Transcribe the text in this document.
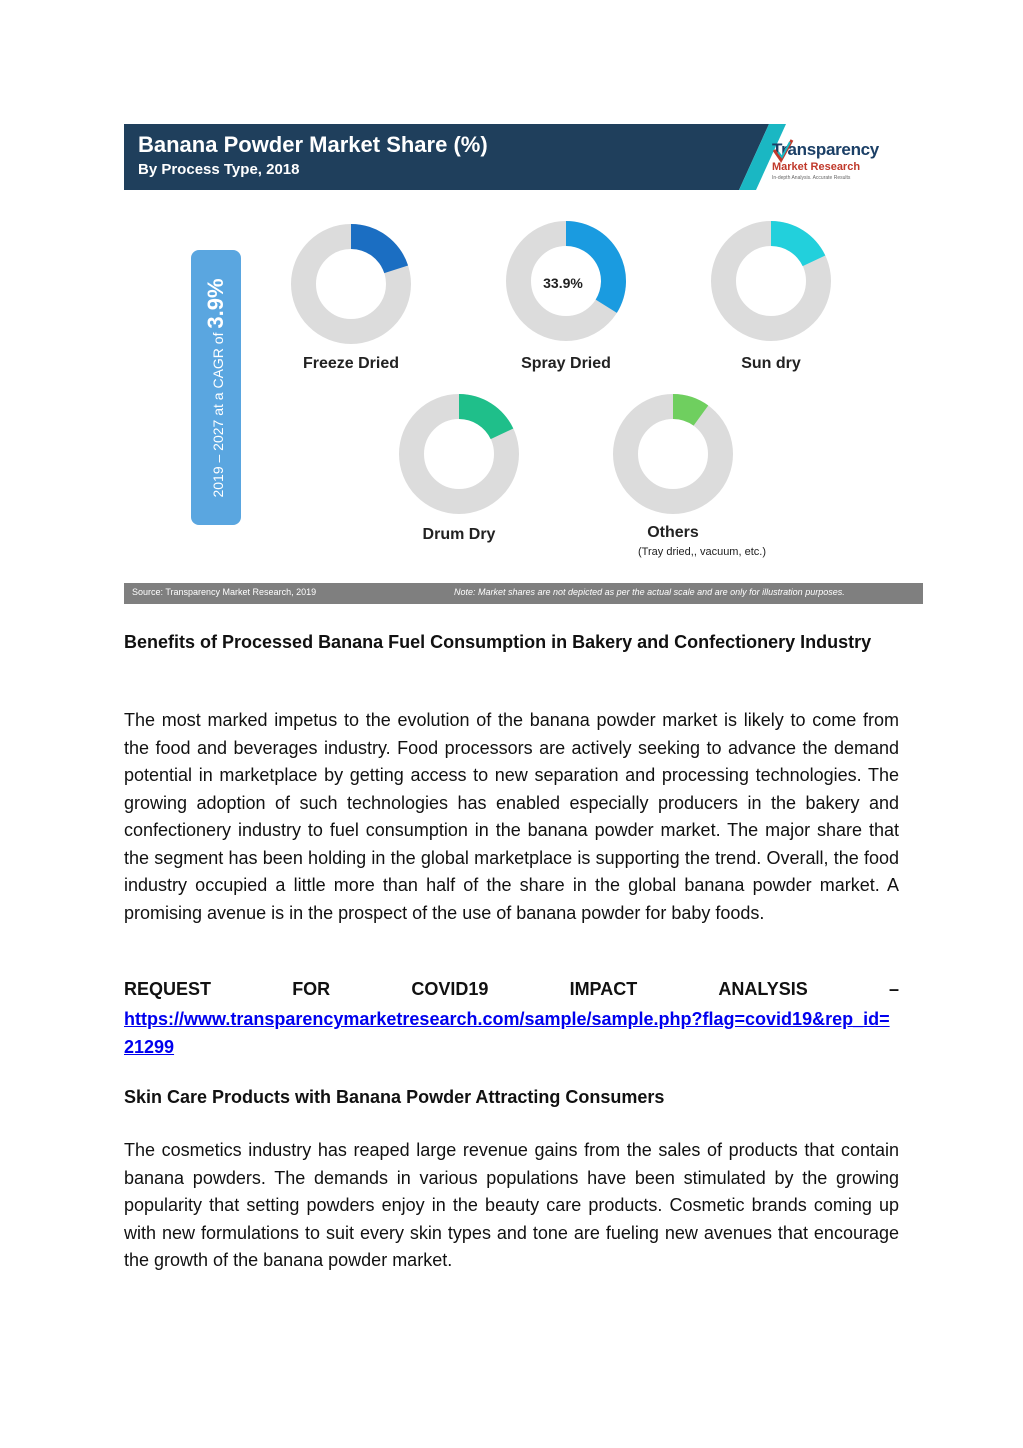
Banana Powder Market Share (%)
By Process Type, 2018
Transparency
Market Research
In-depth Analysis. Accurate Results
2019 – 2027 at a CAGR of 3.9%
Source: Transparency Market Research, 2019	Note: Market shares are not depicted as per the actual scale and are only for illustration purposes.

Benefits of Processed Banana Fuel Consumption in Bakery and Confectionery Industry

The most marked impetus to the evolution of the banana powder market is likely to come from the food and beverages industry. Food processors are actively seeking to advance the demand potential in marketplace by getting access to new separation and processing technologies. The growing adoption of such technologies has enabled especially producers in the bakery and confectionery industry to fuel consumption in the banana powder market. The major share that the segment has been holding in the global marketplace is supporting the trend. Overall, the food industry occupied a little more than half of the share in the global banana powder market. A promising avenue is in the prospect of the use of banana powder for baby foods.

REQUEST	FOR	COVID19	IMPACT	ANALYSIS	–
https://www.transparencymarketresearch.com/sample/sample.php?flag=covid19&rep_id=21299

Skin Care Products with Banana Powder Attracting Consumers

The cosmetics industry has reaped large revenue gains from the sales of products that contain banana powders. The demands in various populations have been stimulated by the growing popularity that setting powders enjoy in the beauty care products. Cosmetic brands coming up with new formulations to suit every skin types and tone are fueling new avenues that encourage the growth of the banana powder market.

Freeze Dried	Spray Dried
33.9%
Sun dry
Drum Dry	Others
(Tray dried,, vacuum, etc.)
